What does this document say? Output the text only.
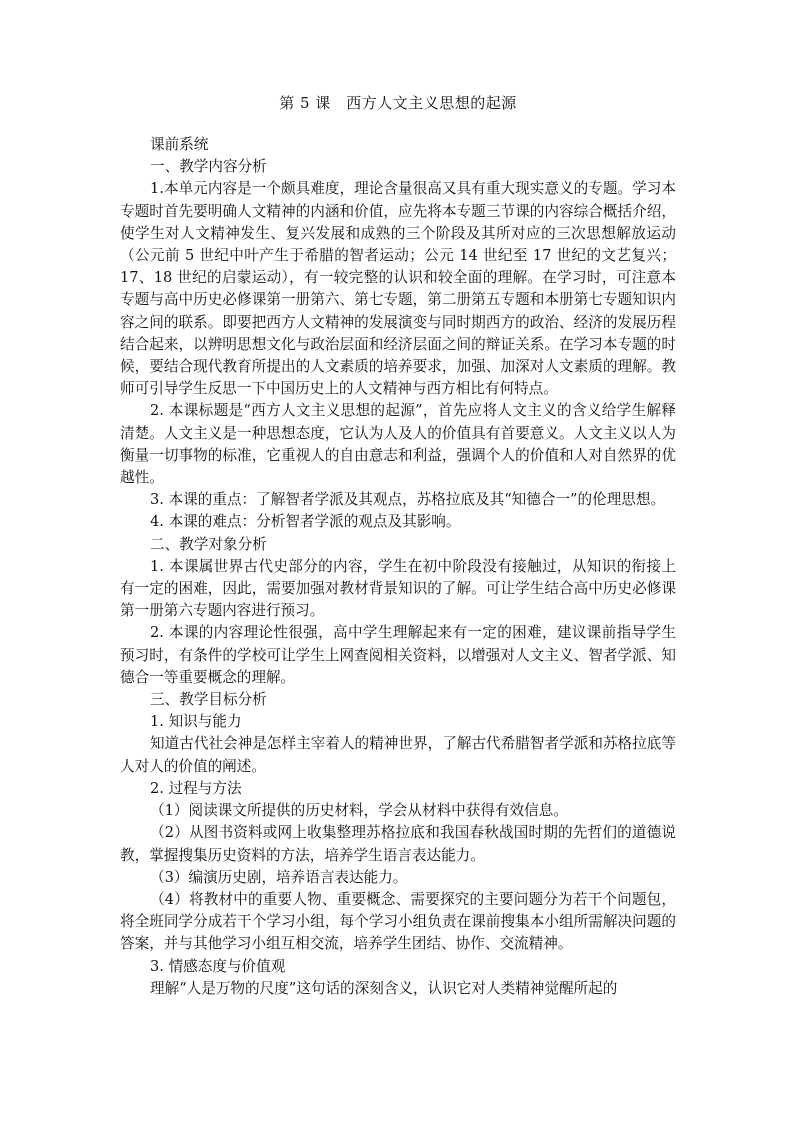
第 5 课　西方人文主义思想的起源
课前系统
一、教学内容分析

1.本单元内容是一个颇具难度，理论含量很高又具有重大现实意义的专题。学习本专题时首先要明确人文精神的内涵和价值，应先将本专题三节课的内容综合概括介绍，使学生对人文精神发生、复兴发展和成熟的三个阶段及其所对应的三次思想解放运动（公元前 5 世纪中叶产生于希腊的智者运动；公元 14 世纪至 17 世纪的文艺复兴；17、18 世纪的启蒙运动），有一较完整的认识和较全面的理解。在学习时，可注意本专题与高中历史必修课第一册第六、第七专题，第二册第五专题和本册第七专题知识内容之间的联系。即要把西方人文精神的发展演变与同时期西方的政治、经济的发展历程结合起来，以辨明思想文化与政治层面和经济层面之间的辩证关系。在学习本专题的时候，要结合现代教育所提出的人文素质的培养要求，加强、加深对人文素质的理解。教师可引导学生反思一下中国历史上的人文精神与西方相比有何特点。

2. 本课标题是“西方人文主义思想的起源”，首先应将人文主义的含义给学生解释清楚。人文主义是一种思想态度，它认为人及人的价值具有首要意义。人文主义以人为衡量一切事物的标准，它重视人的自由意志和利益，强调个人的价值和人对自然界的优越性。

3. 本课的重点：了解智者学派及其观点，苏格拉底及其“知德合一”的伦理思想。

4. 本课的难点：分析智者学派的观点及其影响。

二、教学对象分析

1. 本课属世界古代史部分的内容，学生在初中阶段没有接触过，从知识的衔接上有一定的困难，因此，需要加强对教材背景知识的了解。可让学生结合高中历史必修课第一册第六专题内容进行预习。

2. 本课的内容理论性很强，高中学生理解起来有一定的困难，建议课前指导学生预习时，有条件的学校可让学生上网查阅相关资料，以增强对人文主义、智者学派、知德合一等重要概念的理解。

三、教学目标分析
1. 知识与能力

知道古代社会神是怎样主宰着人的精神世界，了解古代希腊智者学派和苏格拉底等人对人的价值的阐述。

2. 过程与方法

（1）阅读课文所提供的历史材料，学会从材料中获得有效信息。

（2）从图书资料或网上收集整理苏格拉底和我国春秋战国时期的先哲们的道德说教，掌握搜集历史资料的方法，培养学生语言表达能力。

（3）编演历史剧，培养语言表达能力。

（4）将教材中的重要人物、重要概念、需要探究的主要问题分为若干个问题包，将全班同学分成若干个学习小组，每个学习小组负责在课前搜集本小组所需解决问题的答案，并与其他学习小组互相交流，培养学生团结、协作、交流精神。

3. 情感态度与价值观

理解“人是万物的尺度”这句话的深刻含义，认识它对人类精神觉醒所起的
